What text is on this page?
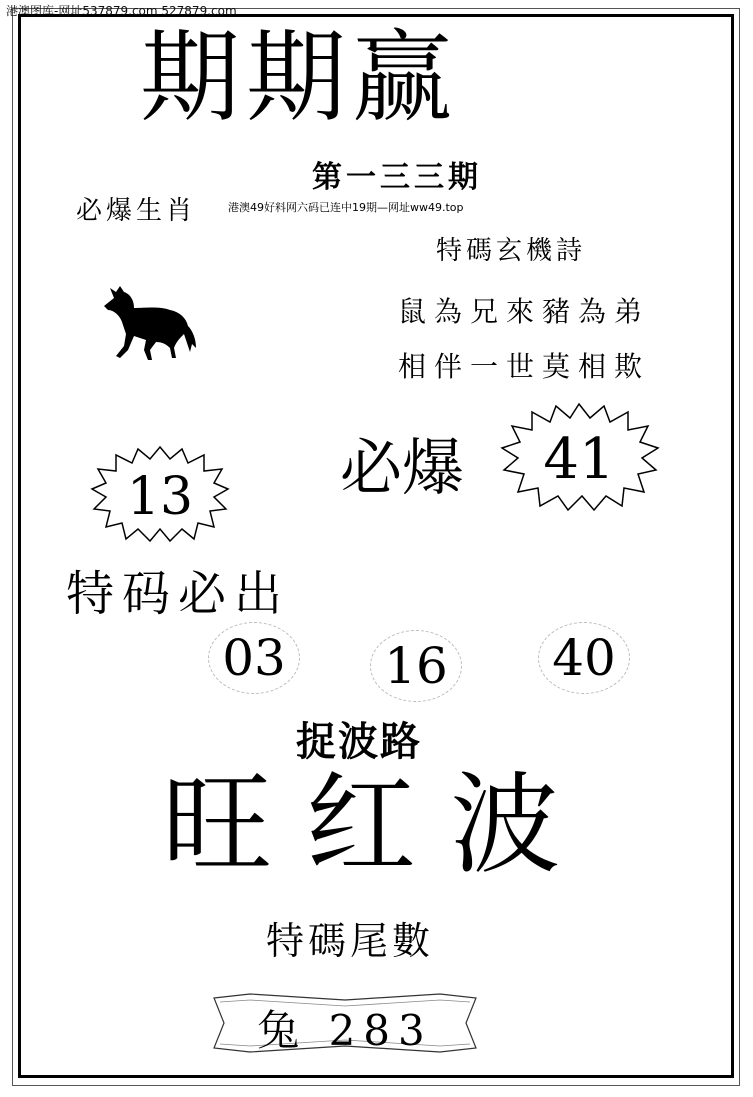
港澳图库-网址537879.com 527879.com
期期赢
第一三三期
必爆生肖	港澳49好料网六码已连中19期—网址ww49.top
特碼玄機詩
鼠為兄來豬為弟
相伴一世莫相欺
必爆	41
13
特码必出
03 16 40
捉波路
旺红波
特碼尾數
兔 283
